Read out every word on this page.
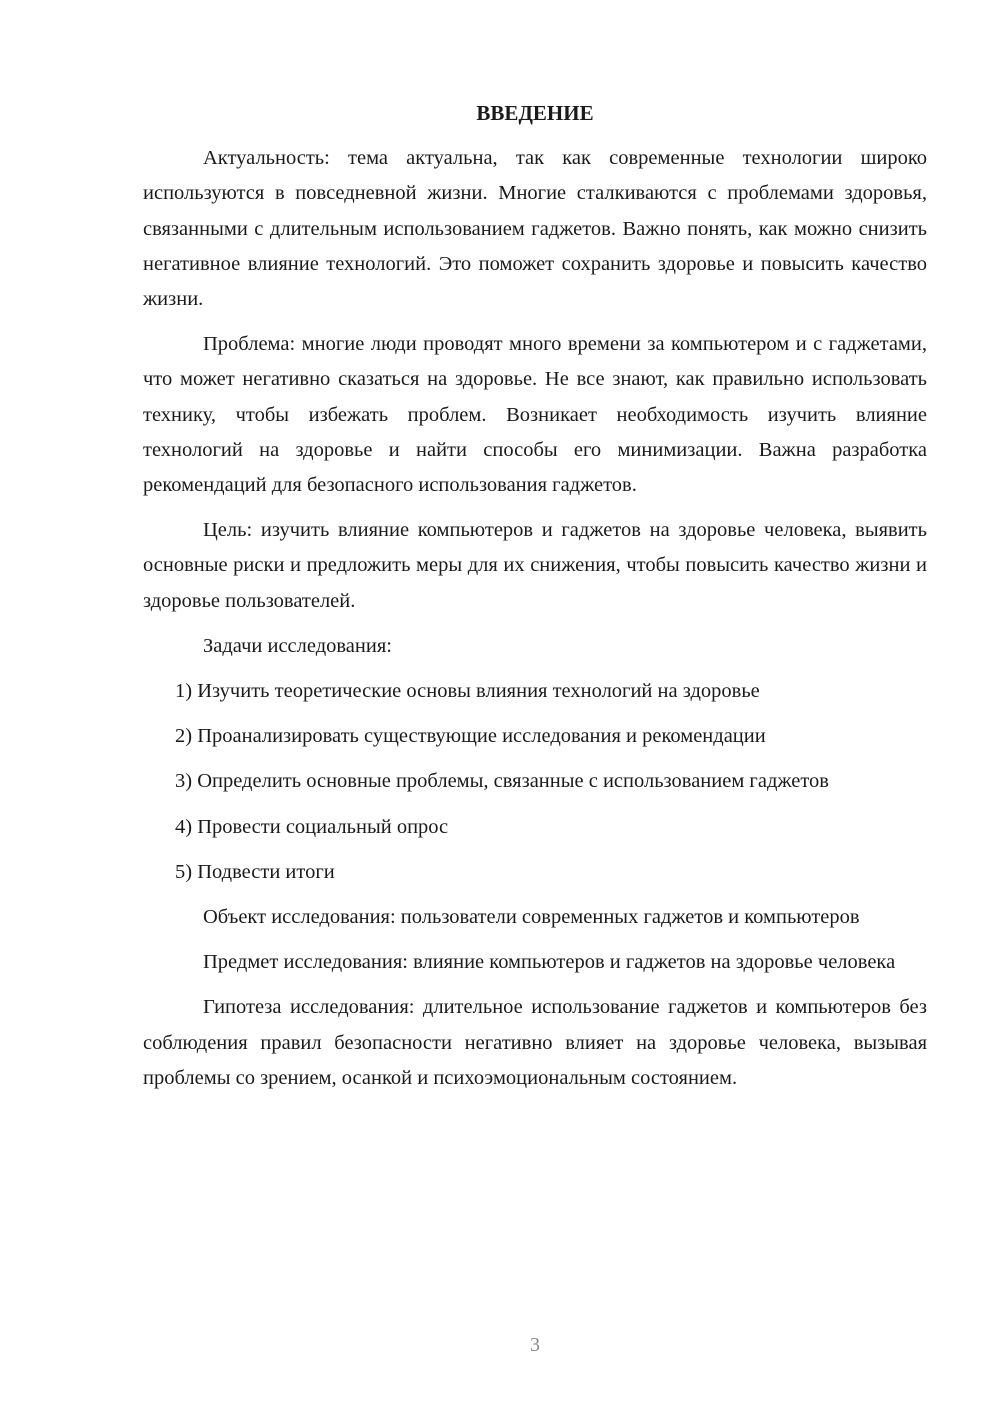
ВВЕДЕНИЕ

Актуальность: тема актуальна, так как современные технологии широко используются в повседневной жизни. Многие сталкиваются с проблемами здоровья, связанными с длительным использованием гаджетов. Важно понять, как можно снизить негативное влияние технологий. Это поможет сохранить здоровье и повысить качество жизни.

Проблема: многие люди проводят много времени за компьютером и с гаджетами, что может негативно сказаться на здоровье. Не все знают, как правильно использовать технику, чтобы избежать проблем. Возникает необходимость изучить влияние технологий на здоровье и найти способы его минимизации. Важна разработка рекомендаций для безопасного использования гаджетов.

Цель: изучить влияние компьютеров и гаджетов на здоровье человека, выявить основные риски и предложить меры для их снижения, чтобы повысить качество жизни и здоровье пользователей.

Задачи исследования:

1) Изучить теоретические основы влияния технологий на здоровье

2) Проанализировать существующие исследования и рекомендации

3) Определить основные проблемы, связанные с использованием гаджетов

4) Провести социальный опрос

5) Подвести итоги

Объект исследования: пользователи современных гаджетов и компьютеров

Предмет исследования: влияние компьютеров и гаджетов на здоровье человека

Гипотеза исследования: длительное использование гаджетов и компьютеров без соблюдения правил безопасности негативно влияет на здоровье человека, вызывая проблемы со зрением, осанкой и психоэмоциональным состоянием.

3
